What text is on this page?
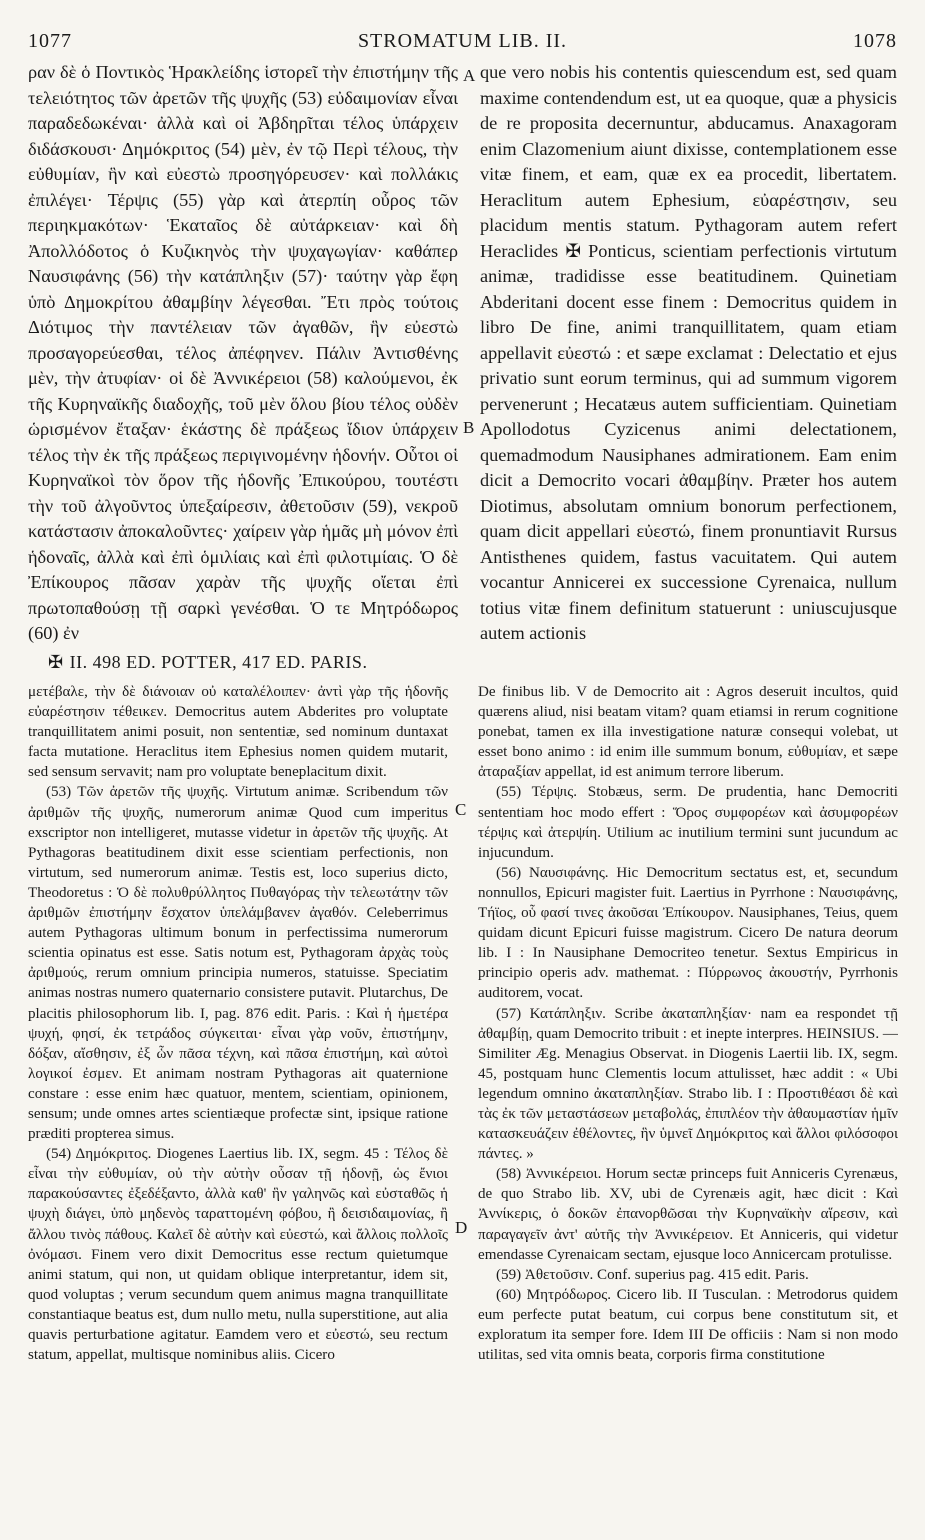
1077	STROMATUM LIB. II.	1078

ραν δὲ ὁ Ποντικὸς Ἡρακλείδης ἱστορεῖ τὴν ἐπιστήμην τῆς τελειότητος τῶν ἀρετῶν τῆς ψυχῆς (53) εὐδαιμονίαν εἶναι παραδεδωκέναι· ἀλλὰ καὶ οἱ Ἀβδηρῖται τέλος ὑπάρχειν διδάσκουσι· Δημόκριτος (54) μὲν, ἐν τῷ Περὶ τέλους, τὴν εὐθυμίαν, ἣν καὶ εὐεστὼ προσηγόρευσεν· καὶ πολλάκις ἐπιλέγει· Τέρψις (55) γὰρ καὶ ἀτερπίη οὖρος τῶν περιηκμακότων· Ἑκαταῖος δὲ αὐτάρκειαν· καὶ δὴ Ἀπολλόδοτος ὁ Κυζικηνὸς τὴν ψυχαγωγίαν· καθάπερ Ναυσιφάνης (56) τὴν κατάπληξιν (57)· ταύτην γὰρ ἔφη ὑπὸ Δημοκρίτου ἀθαμβίην λέγεσθαι. Ἔτι πρὸς τούτοις Διότιμος τὴν παντέλειαν τῶν ἀγαθῶν, ἣν εὐεστὼ προσαγορεύεσθαι, τέλος ἀπέφηνεν. Πάλιν Ἀντισθένης μὲν, τὴν ἀτυφίαν· οἱ δὲ Ἀννικέρειοι (58) καλούμενοι, ἐκ τῆς Κυρηναϊκῆς διαδοχῆς, τοῦ μὲν ὅλου βίου τέλος οὐδὲν ὡρισμένον ἔταξαν· ἑκάστης δὲ πράξεως ἴδιον ὑπάρχειν τέλος τὴν ἐκ τῆς πράξεως περιγινομένην ἡδονήν. Οὗτοι οἱ Κυρηναϊκοὶ τὸν ὅρον τῆς ἡδονῆς Ἐπικούρου, τουτέστι τὴν τοῦ ἀλγοῦντος ὑπεξαίρεσιν, ἀθετοῦσιν (59), νεκροῦ κατάστασιν ἀποκαλοῦντες· χαίρειν γὰρ ἡμᾶς μὴ μόνον ἐπὶ ἡδοναῖς, ἀλλὰ καὶ ἐπὶ ὁμιλίαις καὶ ἐπὶ φιλοτιμίαις. Ὁ δὲ Ἐπίκουρος πᾶσαν χαρὰν τῆς ψυχῆς οἴεται ἐπὶ πρωτοπαθούσῃ τῇ σαρκὶ γενέσθαι. Ὁ τε Μητρόδωρος (60) ἐν

A
B
C
D

que vero nobis his contentis quiescendum est, sed quam maxime contendendum est, ut ea quoque, quæ a physicis de re proposita decernuntur, abducamus. Anaxagoram enim Clazomenium aiunt dixisse, contemplationem esse vitæ finem, et eam, quæ ex ea procedit, libertatem. Heraclitum autem Ephesium, εὐαρέστησιν, seu placidum mentis statum. Pythagoram autem refert Heraclides ✠ Ponticus, scientiam perfectionis virtutum animæ, tradidisse esse beatitudinem. Quinetiam Abderitani docent esse finem : Democritus quidem in libro De fine, animi tranquillitatem, quam etiam appellavit εὐεστώ : et sæpe exclamat : Delectatio et ejus privatio sunt eorum terminus, qui ad summum vigorem pervenerunt ; Hecatæus autem sufficientiam. Quinetiam Apollodotus Cyzicenus animi delectationem, quemadmodum Nausiphanes admirationem. Eam enim dicit a Democrito vocari ἀθαμβίην. Præter hos autem Diotimus, absolutam omnium bonorum perfectionem, quam dicit appellari εὐεστώ, finem pronuntiavit Rursus Antisthenes quidem, fastus vacuitatem. Qui autem vocantur Annicerei ex successione Cyrenaica, nullum totius vitæ finem definitum statuerunt : uniuscujusque autem actionis

✠ II. 498 ED. POTTER, 417 ED. PARIS.

μετέβαλε, τὴν δὲ διάνοιαν οὐ καταλέλοιπεν· ἀντὶ γὰρ τῆς ἡδονῆς εὐαρέστησιν τέθεικεν. Democritus autem Abderites pro voluptate tranquillitatem animi posuit, non sententiæ, sed nominum duntaxat facta mutatione. Heraclitus item Ephesius nomen quidem mutarit, sed sensum servavit; nam pro voluptate beneplacitum dixit.

(53) Τῶν ἀρετῶν τῆς ψυχῆς. Virtutum animæ. Scribendum τῶν ἀριθμῶν τῆς ψυχῆς, numerorum animæ Quod cum imperitus exscriptor non intelligeret, mutasse videtur in ἀρετῶν τῆς ψυχῆς. At Pythagoras beatitudinem dixit esse scientiam perfectionis, non virtutum, sed numerorum animæ. Testis est, loco superius dicto, Theodoretus : Ὁ δὲ πολυθρύλλητος Πυθαγόρας τὴν τελεωτάτην τῶν ἀριθμῶν ἐπιστήμην ἔσχατον ὑπελάμβανεν ἀγαθόν. Celeberrimus autem Pythagoras ultimum bonum in perfectissima numerorum scientia opinatus est esse. Satis notum est, Pythagoram ἀρχὰς τοὺς ἀριθμούς, rerum omnium principia numeros, statuisse. Speciatim animas nostras numero quaternario consistere putavit. Plutarchus, De placitis philosophorum lib. I, pag. 876 edit. Paris. : Καὶ ἡ ἡμετέρα ψυχή, φησί, ἐκ τετράδος σύγκειται· εἶναι γὰρ νοῦν, ἐπιστήμην, δόξαν, αἴσθησιν, ἐξ ὧν πᾶσα τέχνη, καὶ πᾶσα ἐπιστήμη, καὶ αὐτοὶ λογικοί ἐσμεν. Et animam nostram Pythagoras ait quaternione constare : esse enim hæc quatuor, mentem, scientiam, opinionem, sensum; unde omnes artes scientiæque profectæ sint, ipsique ratione præditi propterea simus.

(54) Δημόκριτος. Diogenes Laertius lib. IX, segm. 45 : Τέλος δὲ εἶναι τὴν εὐθυμίαν, οὐ τὴν αὐτὴν οὖσαν τῇ ἡδονῇ, ὡς ἔνιοι παρακούσαντες ἐξεδέξαντο, ἀλλὰ καθ' ἣν γαληνῶς καὶ εὐσταθῶς ἡ ψυχὴ διάγει, ὑπὸ μηδενὸς ταραττομένη φόβου, ἢ δεισιδαιμονίας, ἢ ἄλλου τινὸς πάθους. Καλεῖ δὲ αὐτὴν καὶ εὐεστώ, καὶ ἄλλοις πολλοῖς ὀνόμασι. Finem vero dixit Democritus esse rectum quietumque animi statum, qui non, ut quidam oblique interpretantur, idem sit, quod voluptas ; verum secundum quem animus magna tranquillitate constantiaque beatus est, dum nullo metu, nulla superstitione, aut alia quavis perturbatione agitatur. Eamdem vero et εὐεστώ, seu rectum statum, appellat, multisque nominibus aliis. Cicero

De finibus lib. V de Democrito ait : Agros deseruit incultos, quid quærens aliud, nisi beatam vitam? quam etiamsi in rerum cognitione ponebat, tamen ex illa investigatione naturæ consequi volebat, ut esset bono animo : id enim ille summum bonum, εὐθυμίαν, et sæpe ἀταραξίαν appellat, id est animum terrore liberum.

(55) Τέρψις. Stobæus, serm. De prudentia, hanc Democriti sententiam hoc modo effert : Ὅρος συμφορέων καὶ ἀσυμφορέων τέρψις καὶ ἀτερψίη. Utilium ac inutilium termini sunt jucundum ac injucundum.

(56) Ναυσιφάνης. Hic Democritum sectatus est, et, secundum nonnullos, Epicuri magister fuit. Laertius in Pyrrhone : Ναυσιφάνης, Τήϊος, οὗ φασί τινες ἀκοῦσαι Ἐπίκουρον. Nausiphanes, Teius, quem quidam dicunt Epicuri fuisse magistrum. Cicero De natura deorum lib. I : In Nausiphane Democriteo tenetur. Sextus Empiricus in principio operis adv. mathemat. : Πύρρωνος ἀκουστήν, Pyrrhonis auditorem, vocat.

(57) Κατάπληξιν. Scribe ἀκαταπληξίαν· nam ea respondet τῇ ἀθαμβίῃ, quam Democrito tribuit : et inepte interpres. HEINSIUS. — Similiter Æg. Menagius Observat. in Diogenis Laertii lib. IX, segm. 45, postquam hunc Clementis locum attulisset, hæc addit : « Ubi legendum omnino ἀκαταπληξίαν. Strabo lib. I : Προστιθέασι δὲ καὶ τὰς ἐκ τῶν μεταστάσεων μεταβολάς, ἐπιπλέον τὴν ἀθαυμαστίαν ἡμῖν κατασκευάζειν ἐθέλοντες, ἣν ὑμνεῖ Δημόκριτος καὶ ἄλλοι φιλόσοφοι πάντες. »

(58) Ἀννικέρειοι. Horum sectæ princeps fuit Anniceris Cyrenæus, de quo Strabo lib. XV, ubi de Cyrenæis agit, hæc dicit : Καὶ Ἀννίκερις, ὁ δοκῶν ἐπανορθῶσαι τὴν Κυρηναϊκὴν αἵρεσιν, καὶ παραγαγεῖν ἀντ' αὐτῆς τὴν Ἀννικέρειον. Et Anniceris, qui videtur emendasse Cyrenaicam sectam, ejusque loco Annicercam protulisse.

(59) Ἀθετοῦσιν. Conf. superius pag. 415 edit. Paris.

(60) Μητρόδωρος. Cicero lib. II Tusculan. : Metrodorus quidem eum perfecte putat beatum, cui corpus bene constitutum sit, et exploratum ita semper fore. Idem III De officiis : Nam si non modo utilitas, sed vita omnis beata, corporis firma constitutione
